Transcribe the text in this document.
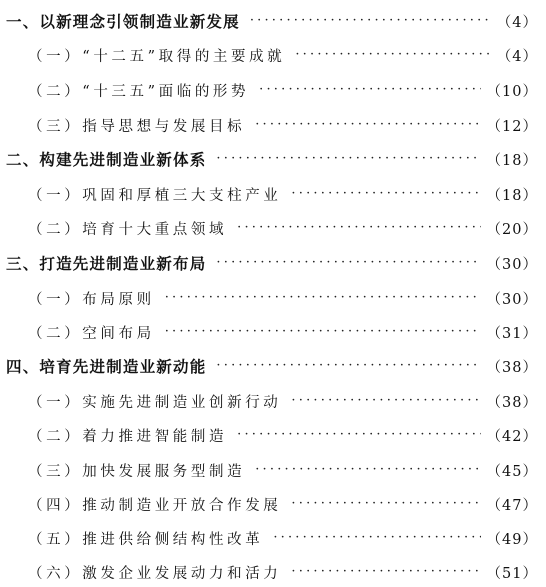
一、以新理念引领制造业新发展 ·····	（4）
（一）“十二五”取得的主要成就 ·····	（4）
（二）“十三五”面临的形势 ·····	（10）
（三）指导思想与发展目标 ·····	（12）
二、构建先进制造业新体系 ·····	（18）
（一）巩固和厚植三大支柱产业 ·····	（18）
（二）培育十大重点领域 ·····	（20）
三、打造先进制造业新布局 ·····	（30）
（一）布局原则 ·····	（30）
（二）空间布局 ·····	（31）
四、培育先进制造业新动能 ·····	（38）
（一）实施先进制造业创新行动 ·····	（38）
（二）着力推进智能制造 ·····	（42）
（三）加快发展服务型制造 ·····	（45）
（四）推动制造业开放合作发展 ·····	（47）
（五）推进供给侧结构性改革 ·····	（49）
（六）激发企业发展动力和活力 ·····	（51）
